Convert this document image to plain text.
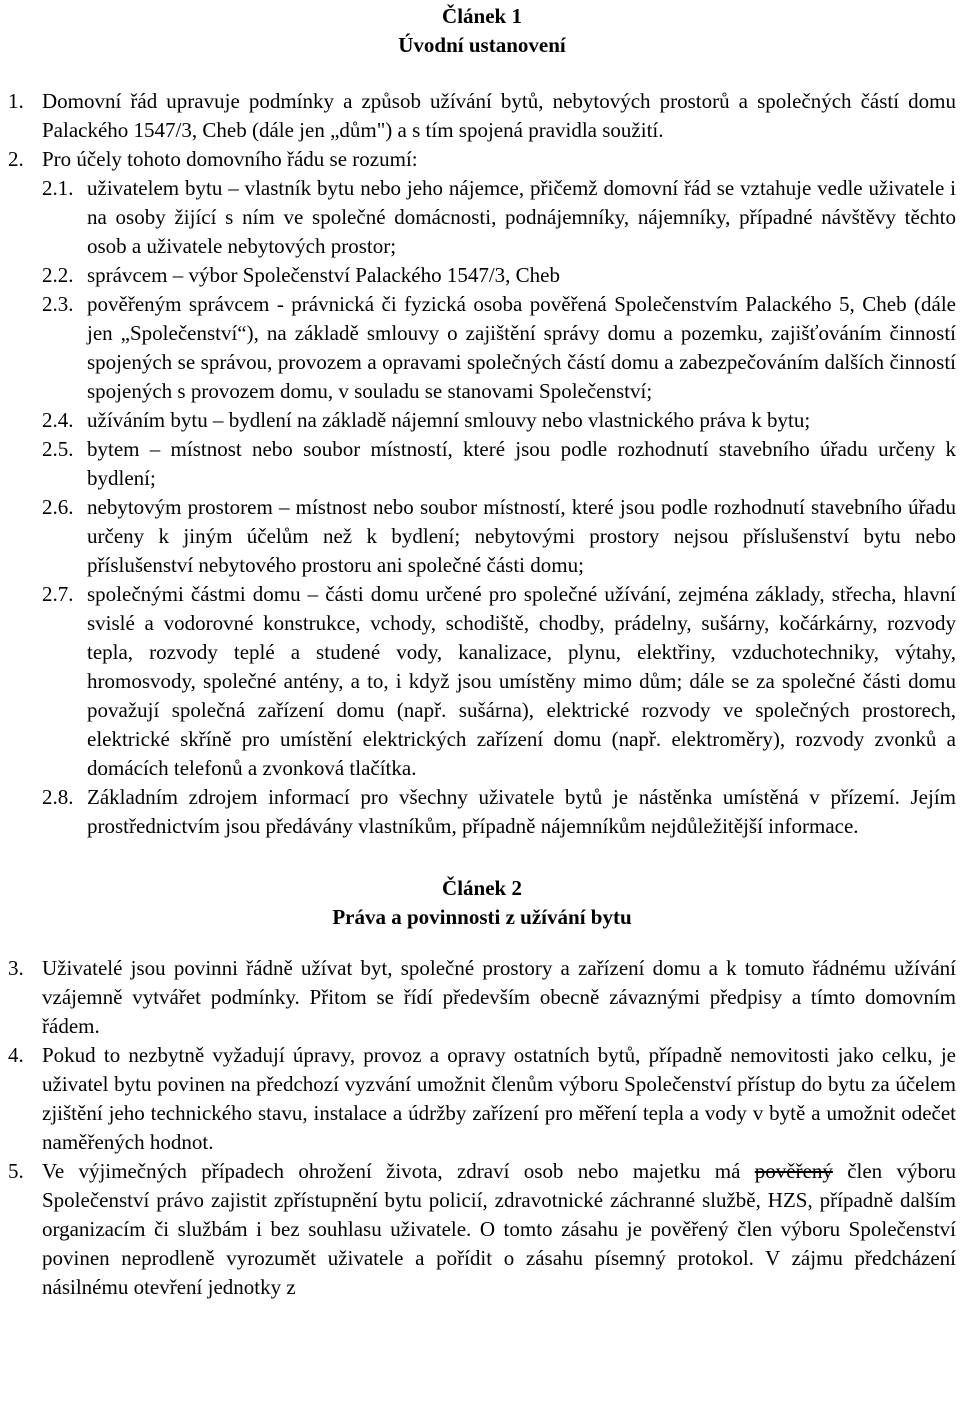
Článek 1
Úvodní ustanovení
1. Domovní řád upravuje podmínky a způsob užívání bytů, nebytových prostorů a společných částí domu Palackého 1547/3, Cheb (dále jen „dům") a s tím spojená pravidla soužití.
2. Pro účely tohoto domovního řádu se rozumí:
2.1. uživatelem bytu – vlastník bytu nebo jeho nájemce, přičemž domovní řád se vztahuje vedle uživatele i na osoby žijící s ním ve společné domácnosti, podnájemníky, nájemníky, případné návštěvy těchto osob a uživatele nebytových prostor;
2.2. správcem – výbor Společenství Palackého 1547/3, Cheb
2.3. pověřeným správcem - právnická či fyzická osoba pověřená Společenstvím Palackého 5, Cheb (dále jen „Společenství“), na základě smlouvy o zajištění správy domu a pozemku, zajišťováním činností spojených se správou, provozem a opravami společných částí domu a zabezpečováním dalších činností spojených s provozem domu, v souladu se stanovami Společenství;
2.4. užíváním bytu – bydlení na základě nájemní smlouvy nebo vlastnického práva k bytu;
2.5. bytem – místnost nebo soubor místností, které jsou podle rozhodnutí stavebního úřadu určeny k bydlení;
2.6. nebytovým prostorem – místnost nebo soubor místností, které jsou podle rozhodnutí stavebního úřadu určeny k jiným účelům než k bydlení; nebytovými prostory nejsou příslušenství bytu nebo příslušenství nebytového prostoru ani společné části domu;
2.7. společnými částmi domu – části domu určené pro společné užívání, zejména základy, střecha, hlavní svislé a vodorovné konstrukce, vchody, schodiště, chodby, prádelny, sušárny, kočárkárny, rozvody tepla, rozvody teplé a studené vody, kanalizace, plynu, elektřiny, vzduchotechniky, výtahy, hromosvody, společné antény, a to, i když jsou umístěny mimo dům; dále se za společné části domu považují společná zařízení domu (např. sušárna), elektrické rozvody ve společných prostorech, elektrické skříně pro umístění elektrických zařízení domu (např. elektroměry), rozvody zvonků a domácích telefonů a zvonková tlačítka.
2.8. Základním zdrojem informací pro všechny uživatele bytů je nástěnka umístěná v přízemí. Jejím prostřednictvím jsou předávány vlastníkům, případně nájemníkům nejdůležitější informace.
Článek 2
Práva a povinnosti z užívání bytu
3. Uživatelé jsou povinni řádně užívat byt, společné prostory a zařízení domu a k tomuto řádnému užívání vzájemně vytvářet podmínky. Přitom se řídí především obecně závaznými předpisy a tímto domovním řádem.
4. Pokud to nezbytně vyžadují úpravy, provoz a opravy ostatních bytů, případně nemovitosti jako celku, je uživatel bytu povinen na předchozí vyzvání umožnit členům výboru Společenství přístup do bytu za účelem zjištění jeho technického stavu, instalace a údržby zařízení pro měření tepla a vody v bytě a umožnit odečet naměřených hodnot.
5. Ve výjimečných případech ohrožení života, zdraví osob nebo majetku má pověřený člen výboru Společenství právo zajistit zpřístupnění bytu policií, zdravotnické záchranné službě, HZS, případně dalším organizacím či službám i bez souhlasu uživatele. O tomto zásahu je pověřený člen výboru Společenství povinen neprodleně vyrozumět uživatele a pořídit o zásahu písemný protokol. V zájmu předcházení násilnému otevření jednotky z
